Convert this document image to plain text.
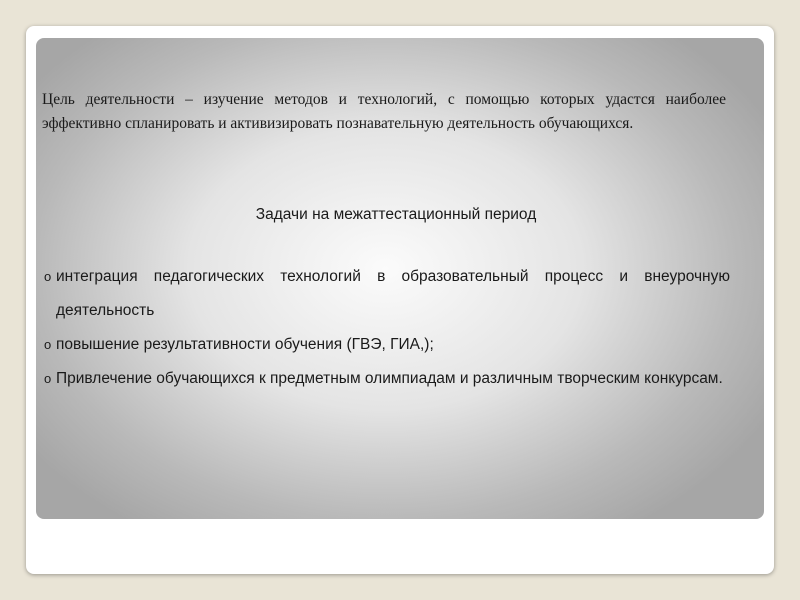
Цель деятельности – изучение методов и технологий, с помощью которых удастся наиболее эффективно спланировать и активизировать познавательную деятельность обучающихся.

Задачи на межаттестационный период
o интеграция педагогических технологий в образовательный процесс и внеурочную деятельность
o повышение результативности обучения (ГВЭ, ГИА,);
o Привлечение обучающихся к предметным олимпиадам и различным творческим конкурсам.
